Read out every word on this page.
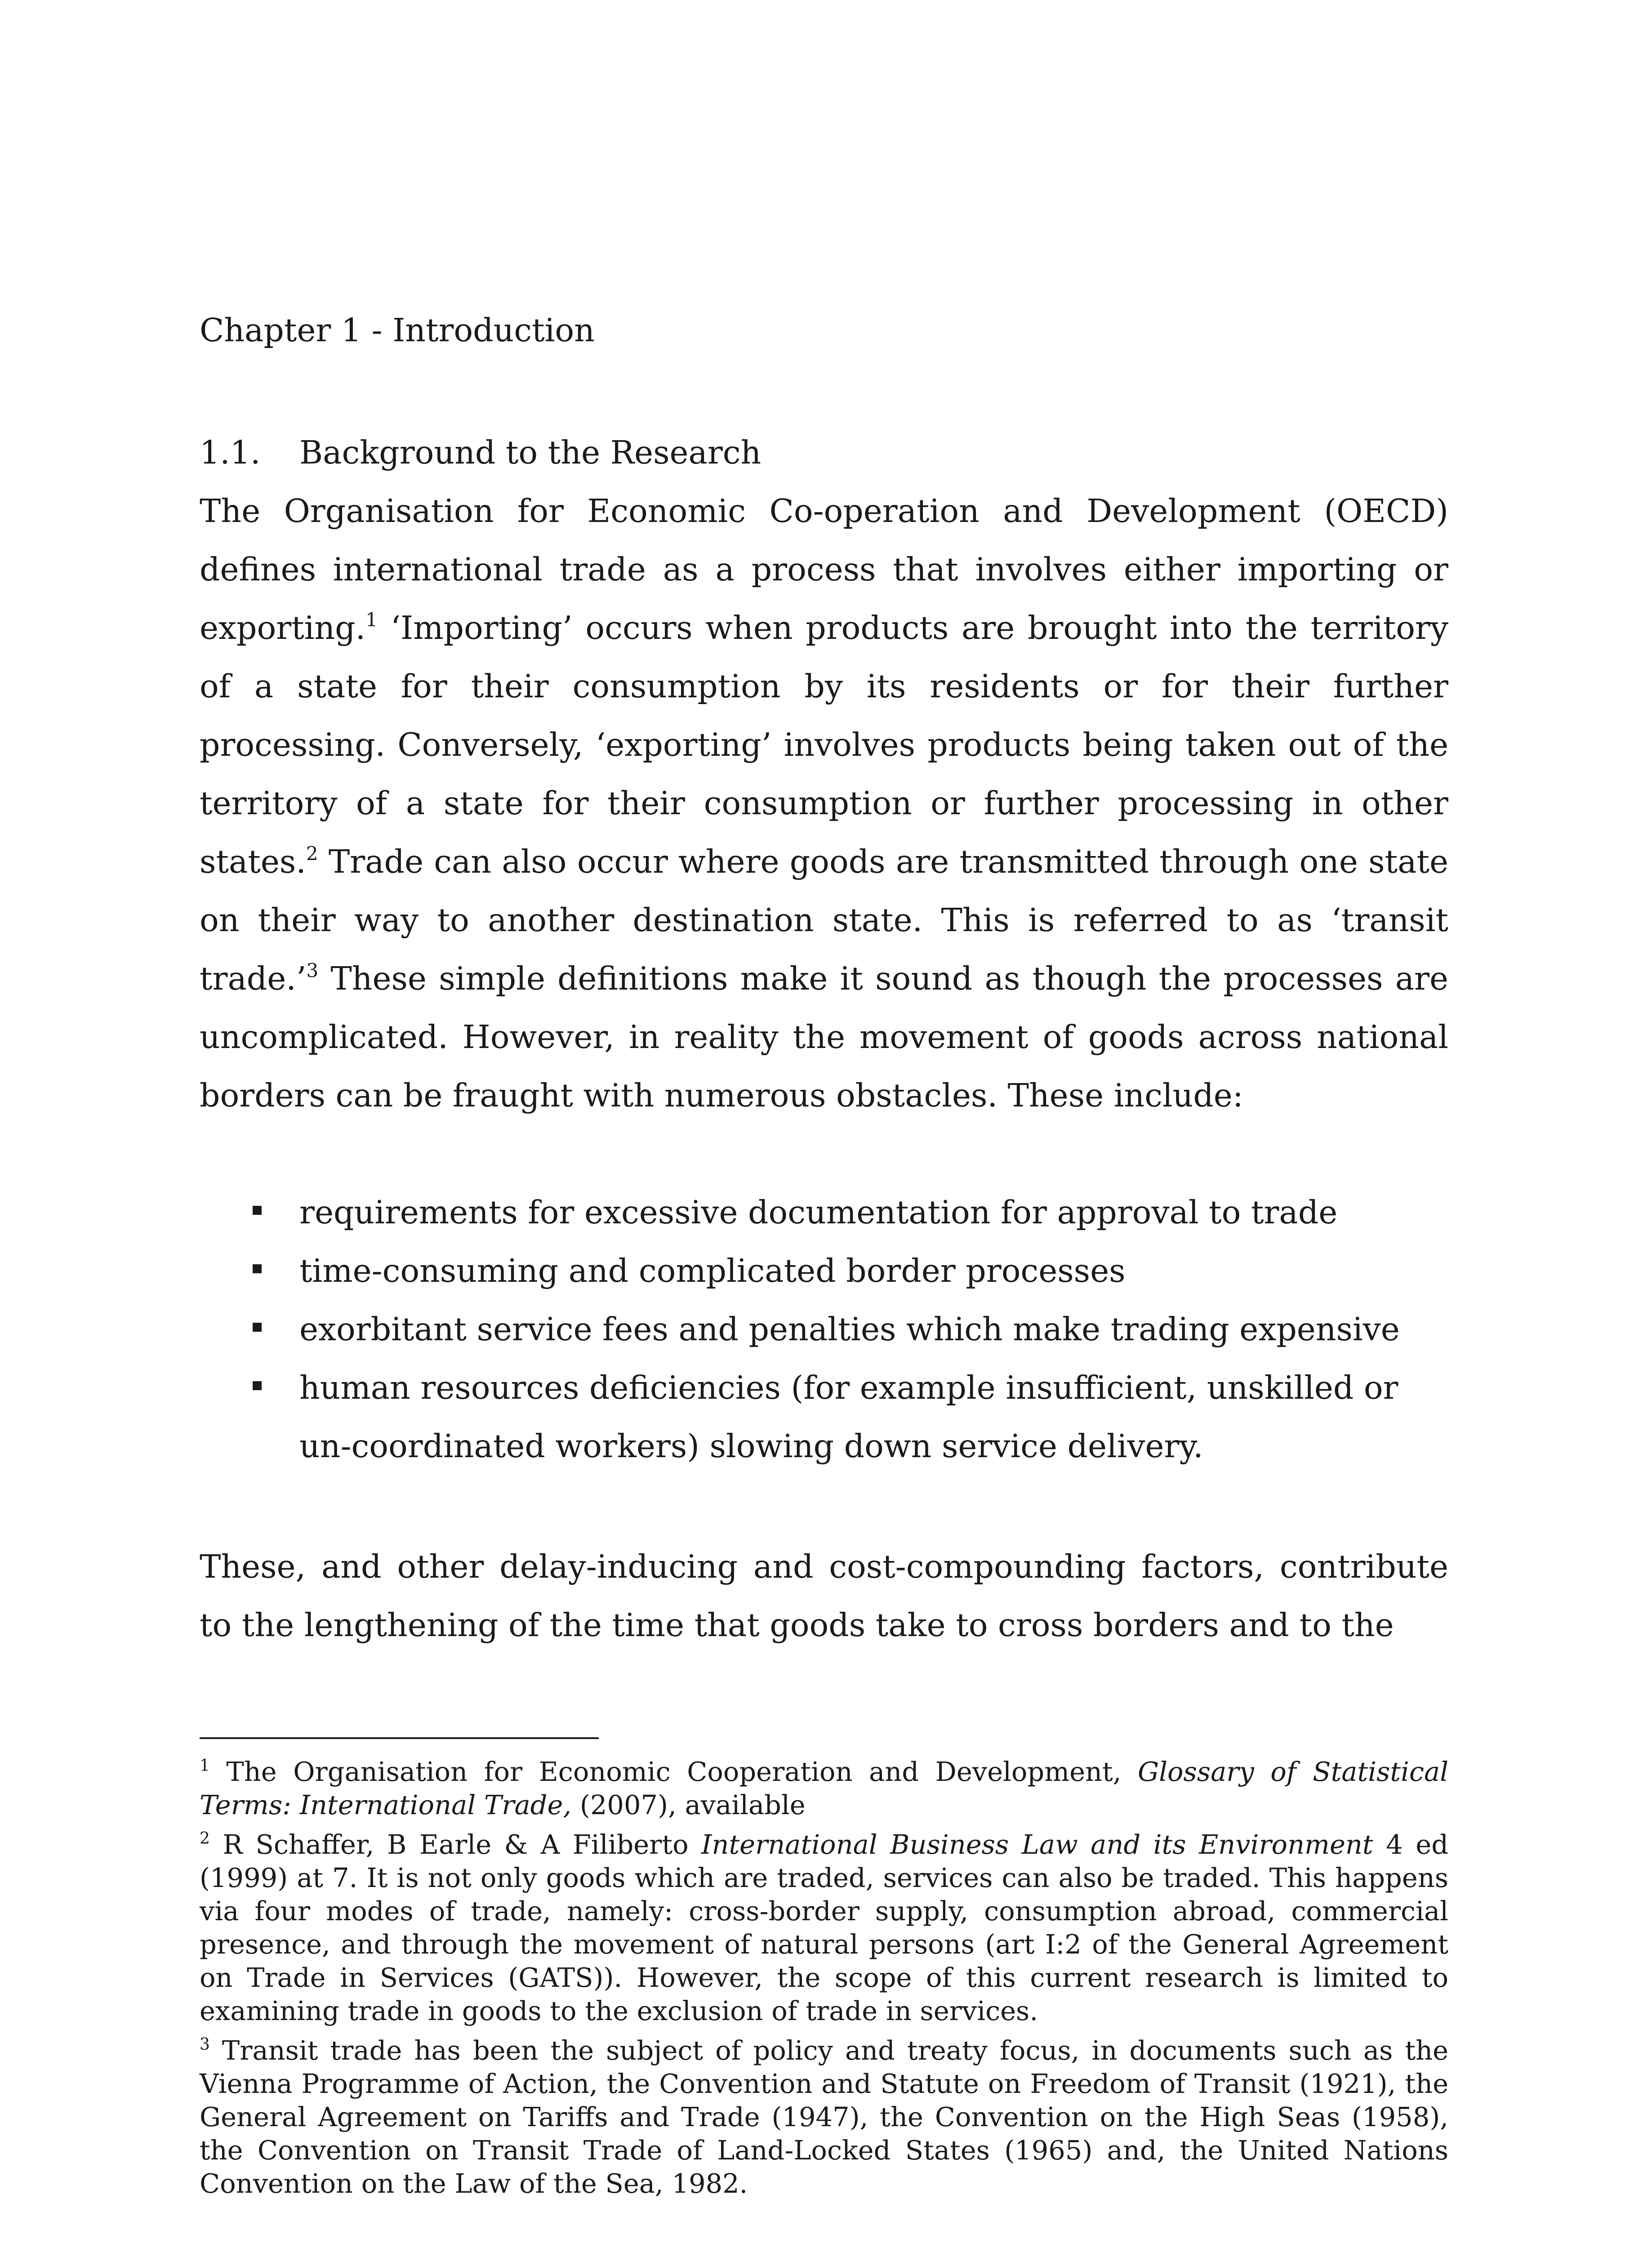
Chapter 1 - Introduction
1.1. Background to the Research

The Organisation for Economic Co-operation and Development (OECD) defines international trade as a process that involves either importing or exporting.$^1$ ‘Importing’ occurs when products are brought into the territory of a state for their consumption by its residents or for their further processing. Conversely, ‘exporting’ involves products being taken out of the territory of a state for their consumption or further processing in other states.$^2$ Trade can also occur where goods are transmitted through one state on their way to another destination state. This is referred to as ‘transit trade.’$^3$ These simple definitions make it sound as though the processes are uncomplicated. However, in reality the movement of goods across national borders can be fraught with numerous obstacles. These include:

requirements for excessive documentation for approval to trade
time-consuming and complicated border processes
exorbitant service fees and penalties which make trading expensive
human resources deficiencies (for example insufficient, unskilled or un-coordinated workers) slowing down service delivery.

These, and other delay-inducing and cost-compounding factors, contribute to the lengthening of the time that goods take to cross borders and to the

$^1$ The Organisation for Economic Cooperation and Development, Glossary of Statistical Terms: International Trade, (2007), available

$^2$ R Schaffer, B Earle & A Filiberto International Business Law and its Environment 4 ed (1999) at 7. It is not only goods which are traded, services can also be traded. This happens via four modes of trade, namely: cross-border supply, consumption abroad, commercial presence, and through the movement of natural persons (art I:2 of the General Agreement on Trade in Services (GATS)). However, the scope of this current research is limited to examining trade in goods to the exclusion of trade in services.

$^3$ Transit trade has been the subject of policy and treaty focus, in documents such as the Vienna Programme of Action, the Convention and Statute on Freedom of Transit (1921), the General Agreement on Tariffs and Trade (1947), the Convention on the High Seas (1958), the Convention on Transit Trade of Land-Locked States (1965) and, the United Nations Convention on the Law of the Sea, 1982.
